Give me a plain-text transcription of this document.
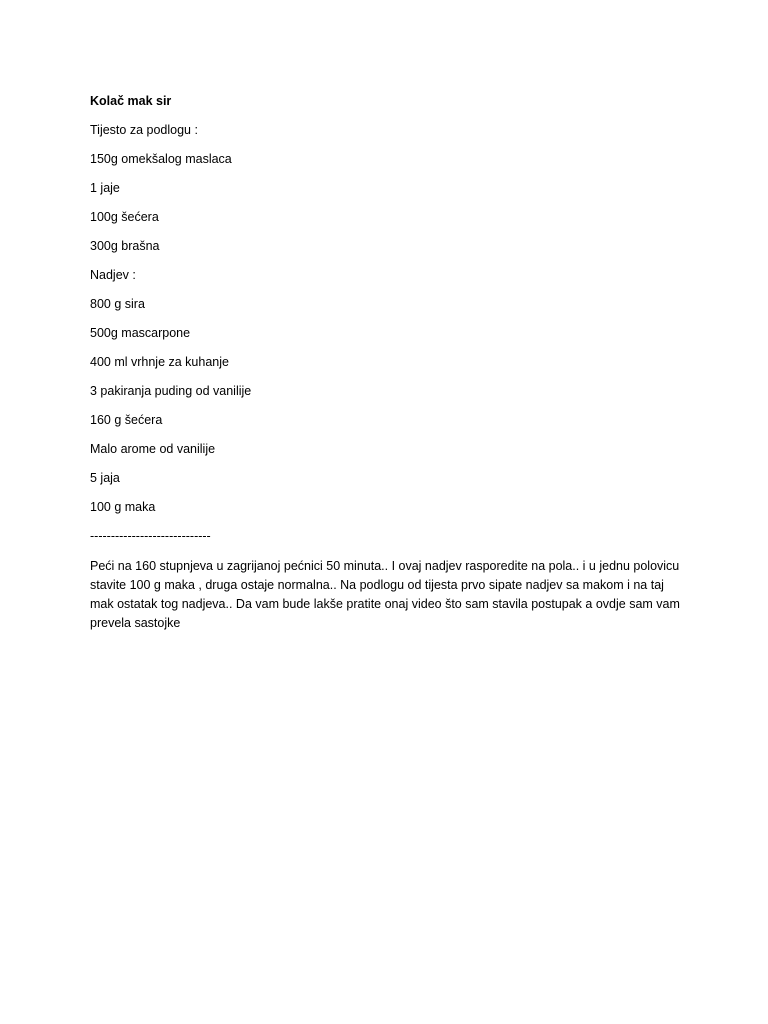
Kolač mak sir
Tijesto za podlogu :
150g omekšalog maslaca
1 jaje
100g šećera
300g brašna
Nadjev :
800 g sira
500g mascarpone
400 ml vrhnje za kuhanje
3 pakiranja puding od vanilije
160 g šećera
Malo arome od vanilije
5 jaja
100 g maka
-----------------------------

Peći na 160 stupnjeva u zagrijanoj pećnici 50 minuta.. I ovaj nadjev rasporedite na pola.. i u jednu polovicu stavite 100 g maka , druga ostaje normalna.. Na podlogu od tijesta prvo sipate nadjev sa makom i na taj mak ostatak tog nadjeva.. Da vam bude lakše pratite onaj video što sam stavila postupak a ovdje sam vam prevela sastojke
